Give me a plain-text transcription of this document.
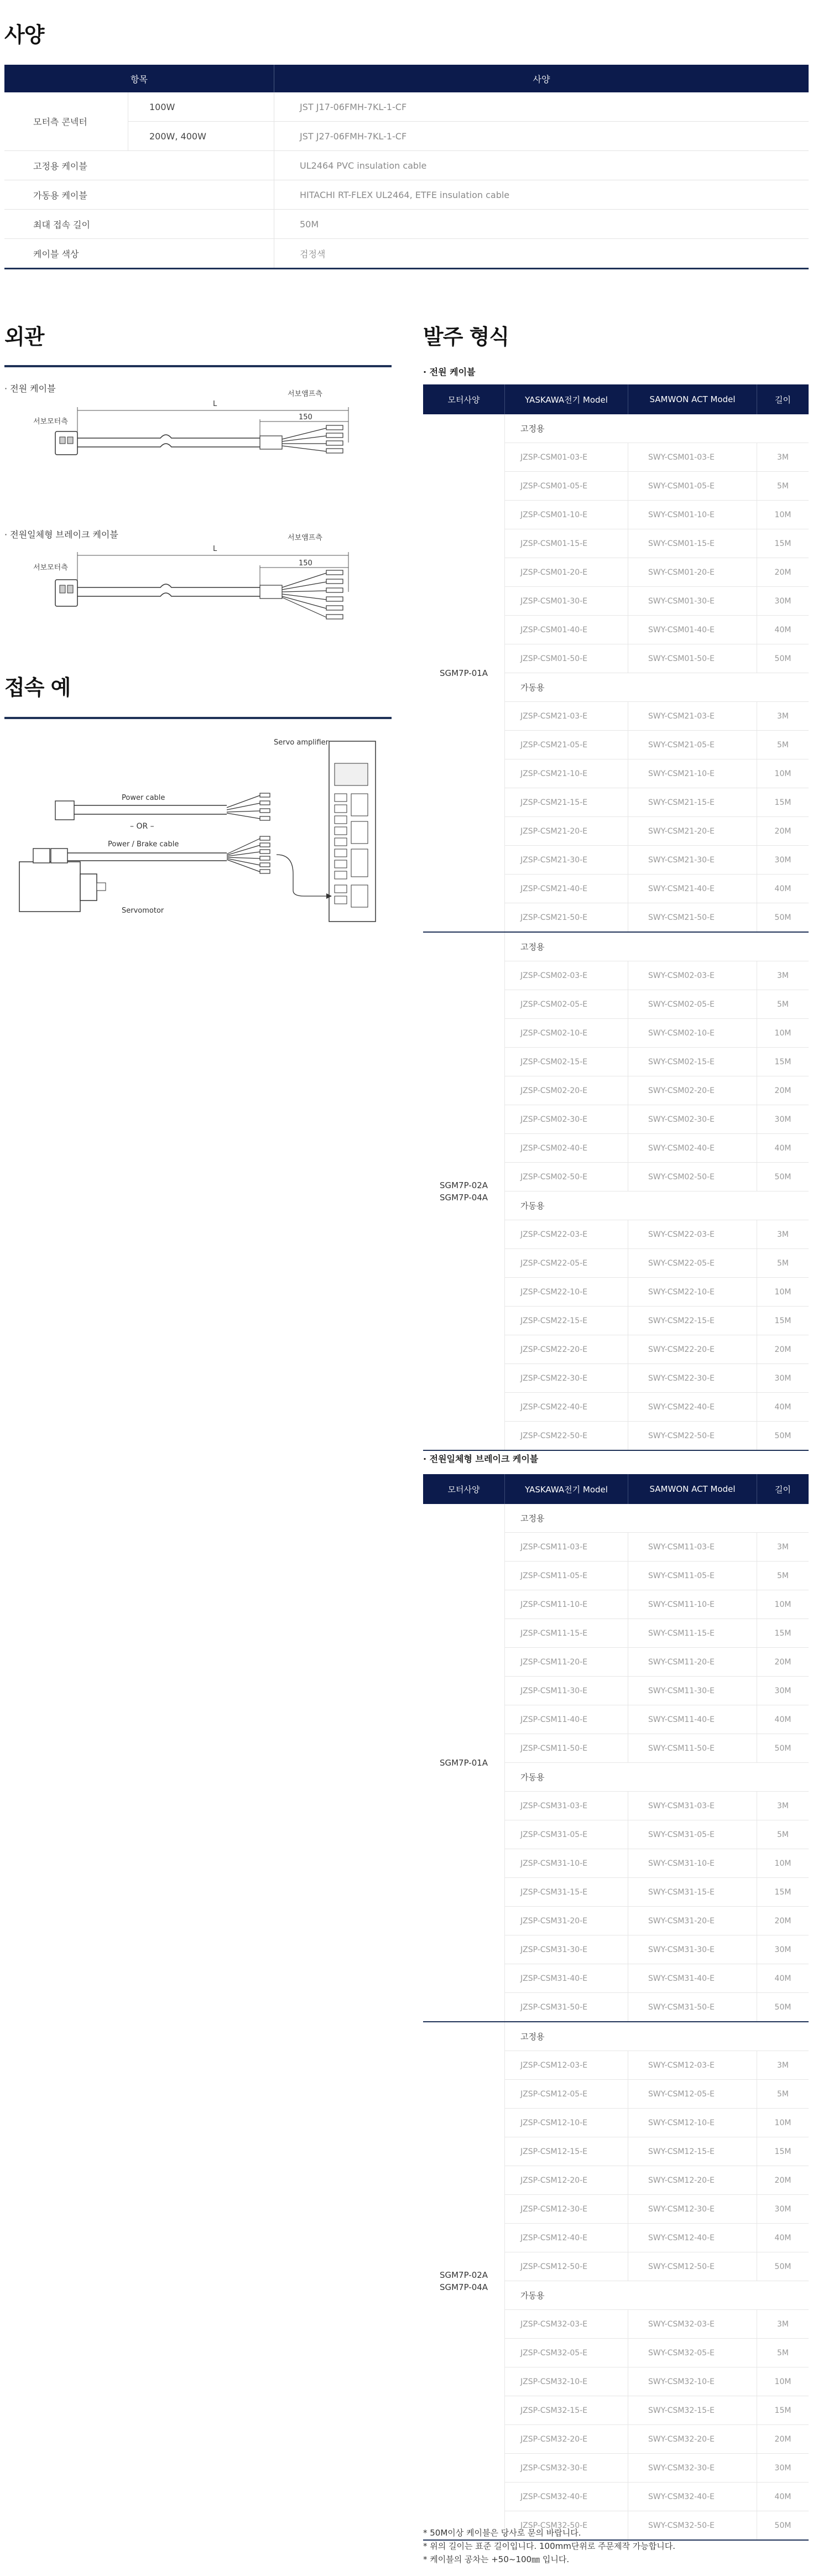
사양
항목		사양
모터측 콘넥터	100W	JST J17-06FMH-7KL-1-CF
	200W, 400W	JST J27-06FMH-7KL-1-CF
고정용 케이블		UL2464 PVC insulation cable
가동용 케이블		HITACHI RT-FLEX UL2464, ETFE insulation cable
최대 접속 길이		50M
케이블 색상		검정색
외관
· 전원 케이블
서보앰프측
서보모터측
L
150
· 전원일체형 브레이크 케이블	서보앰프측
서보모터측
L
150
접속 예
Servo amplifier
Power cable
– OR –
Power / Brake cable
Servomotor
발주 형식
· 전원 케이블
모터사양	YASKAWA전기 Model	SAMWON ACT Model	길이
SGM7P-01A	고정용		
	JZSP-CSM01-03-E	SWY-CSM01-03-E	3M
	JZSP-CSM01-05-E	SWY-CSM01-05-E	5M
	JZSP-CSM01-10-E	SWY-CSM01-10-E	10M
	JZSP-CSM01-15-E	SWY-CSM01-15-E	15M
	JZSP-CSM01-20-E	SWY-CSM01-20-E	20M
	JZSP-CSM01-30-E	SWY-CSM01-30-E	30M
	JZSP-CSM01-40-E	SWY-CSM01-40-E	40M
	JZSP-CSM01-50-E	SWY-CSM01-50-E	50M
	가동용		
	JZSP-CSM21-03-E	SWY-CSM21-03-E	3M
	JZSP-CSM21-05-E	SWY-CSM21-05-E	5M
	JZSP-CSM21-10-E	SWY-CSM21-10-E	10M
	JZSP-CSM21-15-E	SWY-CSM21-15-E	15M
	JZSP-CSM21-20-E	SWY-CSM21-20-E	20M
	JZSP-CSM21-30-E	SWY-CSM21-30-E	30M
	JZSP-CSM21-40-E	SWY-CSM21-40-E	40M
	JZSP-CSM21-50-E	SWY-CSM21-50-E	50M
SGM7P-02A
SGM7P-04A	고정용		
	JZSP-CSM02-03-E	SWY-CSM02-03-E	3M
	JZSP-CSM02-05-E	SWY-CSM02-05-E	5M
	JZSP-CSM02-10-E	SWY-CSM02-10-E	10M
	JZSP-CSM02-15-E	SWY-CSM02-15-E	15M
	JZSP-CSM02-20-E	SWY-CSM02-20-E	20M
	JZSP-CSM02-30-E	SWY-CSM02-30-E	30M
	JZSP-CSM02-40-E	SWY-CSM02-40-E	40M
	JZSP-CSM02-50-E	SWY-CSM02-50-E	50M
	가동용		
	JZSP-CSM22-03-E	SWY-CSM22-03-E	3M
	JZSP-CSM22-05-E	SWY-CSM22-05-E	5M
	JZSP-CSM22-10-E	SWY-CSM22-10-E	10M
	JZSP-CSM22-15-E	SWY-CSM22-15-E	15M
	JZSP-CSM22-20-E	SWY-CSM22-20-E	20M
	JZSP-CSM22-30-E	SWY-CSM22-30-E	30M
	JZSP-CSM22-40-E	SWY-CSM22-40-E	40M
	JZSP-CSM22-50-E	SWY-CSM22-50-E	50M
· 전원일체형 브레이크 케이블
모터사양	YASKAWA전기 Model	SAMWON ACT Model	길이
SGM7P-01A	고정용		
	JZSP-CSM11-03-E	SWY-CSM11-03-E	3M
	JZSP-CSM11-05-E	SWY-CSM11-05-E	5M
	JZSP-CSM11-10-E	SWY-CSM11-10-E	10M
	JZSP-CSM11-15-E	SWY-CSM11-15-E	15M
	JZSP-CSM11-20-E	SWY-CSM11-20-E	20M
	JZSP-CSM11-30-E	SWY-CSM11-30-E	30M
	JZSP-CSM11-40-E	SWY-CSM11-40-E	40M
	JZSP-CSM11-50-E	SWY-CSM11-50-E	50M
	가동용		
	JZSP-CSM31-03-E	SWY-CSM31-03-E	3M
	JZSP-CSM31-05-E	SWY-CSM31-05-E	5M
	JZSP-CSM31-10-E	SWY-CSM31-10-E	10M
	JZSP-CSM31-15-E	SWY-CSM31-15-E	15M
	JZSP-CSM31-20-E	SWY-CSM31-20-E	20M
	JZSP-CSM31-30-E	SWY-CSM31-30-E	30M
	JZSP-CSM31-40-E	SWY-CSM31-40-E	40M
	JZSP-CSM31-50-E	SWY-CSM31-50-E	50M
SGM7P-02A
SGM7P-04A	고정용		
	JZSP-CSM12-03-E	SWY-CSM12-03-E	3M
	JZSP-CSM12-05-E	SWY-CSM12-05-E	5M
	JZSP-CSM12-10-E	SWY-CSM12-10-E	10M
	JZSP-CSM12-15-E	SWY-CSM12-15-E	15M
	JZSP-CSM12-20-E	SWY-CSM12-20-E	20M
	JZSP-CSM12-30-E	SWY-CSM12-30-E	30M
	JZSP-CSM12-40-E	SWY-CSM12-40-E	40M
	JZSP-CSM12-50-E	SWY-CSM12-50-E	50M
	가동용		
	JZSP-CSM32-03-E	SWY-CSM32-03-E	3M
	JZSP-CSM32-05-E	SWY-CSM32-05-E	5M
	JZSP-CSM32-10-E	SWY-CSM32-10-E	10M
	JZSP-CSM32-15-E	SWY-CSM32-15-E	15M
	JZSP-CSM32-20-E	SWY-CSM32-20-E	20M
	JZSP-CSM32-30-E	SWY-CSM32-30-E	30M
	JZSP-CSM32-40-E	SWY-CSM32-40-E	40M
	JZSP-CSM32-50-E	SWY-CSM32-50-E	50M
* 50M이상 케이블은 당사로 문의 바랍니다.
* 위의 길이는 표준 길이입니다. 100mm단위로 주문제작 가능합니다.
* 케이블의 공차는 +50~100㎜ 입니다.
